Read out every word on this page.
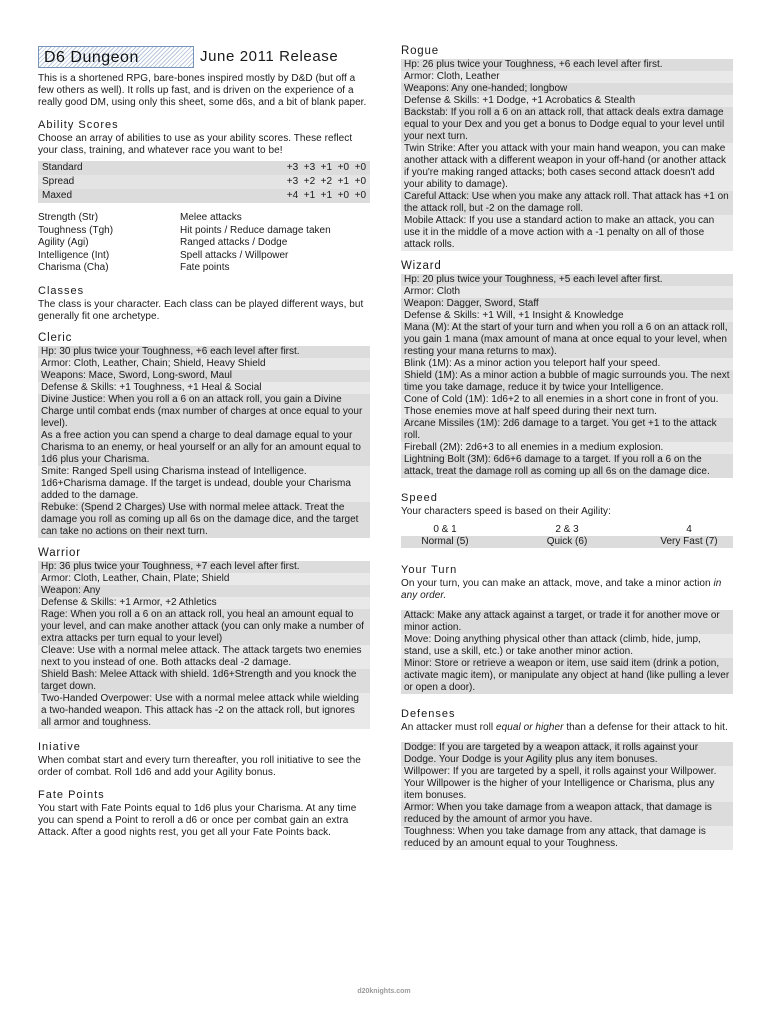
D6 Dungeon	June 2011 Release

This is a shortened RPG, bare-bones inspired mostly by D&D (but off a few others as well). It rolls up fast, and is driven on the experience of a really good DM, using only this sheet, some d6s, and a bit of blank paper.

Ability Scores

Choose an array of abilities to use as your ability scores. These reflect your class, training, and whatever race you want to be!

Standard	+3  +3  +1  +0  +0
Spread	+3  +2  +2  +1  +0
Maxed	+4  +1  +1  +0  +0
Strength (Str)	Melee attacks
Toughness (Tgh)	Hit points / Reduce damage taken
Agility (Agi)	Ranged attacks / Dodge
Intelligence (Int)	Spell attacks / Willpower
Charisma (Cha)	Fate points
Classes

The class is your character. Each class can be played different ways, but generally fit one archetype.

Cleric
Hp: 30 plus twice your Toughness, +6 each level after first.
Armor: Cloth, Leather, Chain; Shield, Heavy Shield
Weapons: Mace, Sword, Long-sword, Maul
Defense & Skills: +1 Toughness, +1 Heal & Social
Divine Justice: When you roll a 6 on an attack roll, you gain a Divine Charge until combat ends (max number of charges at once equal to your level).
As a free action you can spend a charge to deal damage equal to your Charisma to an enemy, or heal yourself or an ally for an amount equal to 1d6 plus your Charisma.
Smite: Ranged Spell using Charisma instead of Intelligence. 1d6+Charisma damage. If the target is undead, double your Charisma added to the damage.
Rebuke: (Spend 2 Charges) Use with normal melee attack. Treat the damage you roll as coming up all 6s on the damage dice, and the target can take no actions on their next turn.
Warrior
Hp: 36 plus twice your Toughness, +7 each level after first.
Armor: Cloth, Leather, Chain, Plate; Shield
Weapon: Any
Defense & Skills: +1 Armor, +2 Athletics
Rage: When you roll a 6 on an attack roll, you heal an amount equal to your level, and can make another attack (you can only make a number of extra attacks per turn equal to your level)
Cleave: Use with a normal melee attack. The attack targets two enemies next to you instead of one. Both attacks deal -2 damage.
Shield Bash: Melee Attack with shield. 1d6+Strength and you knock the target down.
Two-Handed Overpower: Use with a normal melee attack while wielding a two-handed weapon. This attack has -2 on the attack roll, but ignores all armor and toughness.
Iniative

When combat start and every turn thereafter, you roll initiative to see the order of combat. Roll 1d6 and add your Agility bonus.

Fate Points

You start with Fate Points equal to 1d6 plus your Charisma. At any time you can spend a Point to reroll a d6 or once per combat gain an extra Attack. After a good nights rest, you get all your Fate Points back.

Rogue
Hp: 26 plus twice your Toughness, +6 each level after first.
Armor: Cloth, Leather
Weapons: Any one-handed; longbow
Defense & Skills: +1 Dodge, +1 Acrobatics & Stealth
Backstab: If you roll a 6 on an attack roll, that attack deals extra damage equal to your Dex and you get a bonus to Dodge equal to your level until your next turn.
Twin Strike: After you attack with your main hand weapon, you can make another attack with a different weapon in your off-hand (or another attack if you're making ranged attacks; both cases second attack doesn't add your ability to damage).
Careful Attack: Use when you make any attack roll. That attack has +1 on the attack roll, but -2 on the damage roll.
Mobile Attack: If you use a standard action to make an attack, you can use it in the middle of a move action with a -1 penalty on all of those attack rolls.
Wizard
Hp: 20 plus twice your Toughness, +5 each level after first.
Armor: Cloth
Weapon: Dagger, Sword, Staff
Defense & Skills: +1 Will, +1 Insight & Knowledge
Mana (M): At the start of your turn and when you roll a 6 on an attack roll, you gain 1 mana (max amount of mana at once equal to your level, when resting your mana returns to max).
Blink (1M): As a minor action you teleport half your speed.
Shield (1M): As a minor action a bubble of magic surrounds you. The next time you take damage, reduce it by twice your Intelligence.
Cone of Cold (1M): 1d6+2 to all enemies in a short cone in front of you. Those enemies move at half speed during their next turn.
Arcane Missiles (1M): 2d6 damage to a target. You get +1 to the attack roll.
Fireball (2M): 2d6+3 to all enemies in a medium explosion.
Lightning Bolt (3M): 6d6+6 damage to a target. If you roll a 6 on the attack, treat the damage roll as coming up all 6s on the damage dice.
Speed

Your characters speed is based on their Agility:

0 & 1	2 & 3	4
Normal (5)	Quick (6)	Very Fast (7)
Your Turn

On your turn, you can make an attack, move, and take a minor action in any order.

Attack: Make any attack against a target, or trade it for another move or minor action.
Move: Doing anything physical other than attack (climb, hide, jump, stand, use a skill, etc.) or take another minor action.
Minor: Store or retrieve a weapon or item, use said item (drink a potion, activate magic item), or manipulate any object at hand (like pulling a lever or open a door).
Defenses

An attacker must roll equal or higher than a defense for their attack to hit.

Dodge: If you are targeted by a weapon attack, it rolls against your Dodge. Your Dodge is your Agility plus any item bonuses.
Willpower: If you are targeted by a spell, it rolls against your Willpower. Your Willpower is the higher of your Intelligence or Charisma, plus any item bonuses.
Armor: When you take damage from a weapon attack, that damage is reduced by the amount of armor you have.
Toughness: When you take damage from any attack, that damage is reduced by an amount equal to your Toughness.
d20knights.com
